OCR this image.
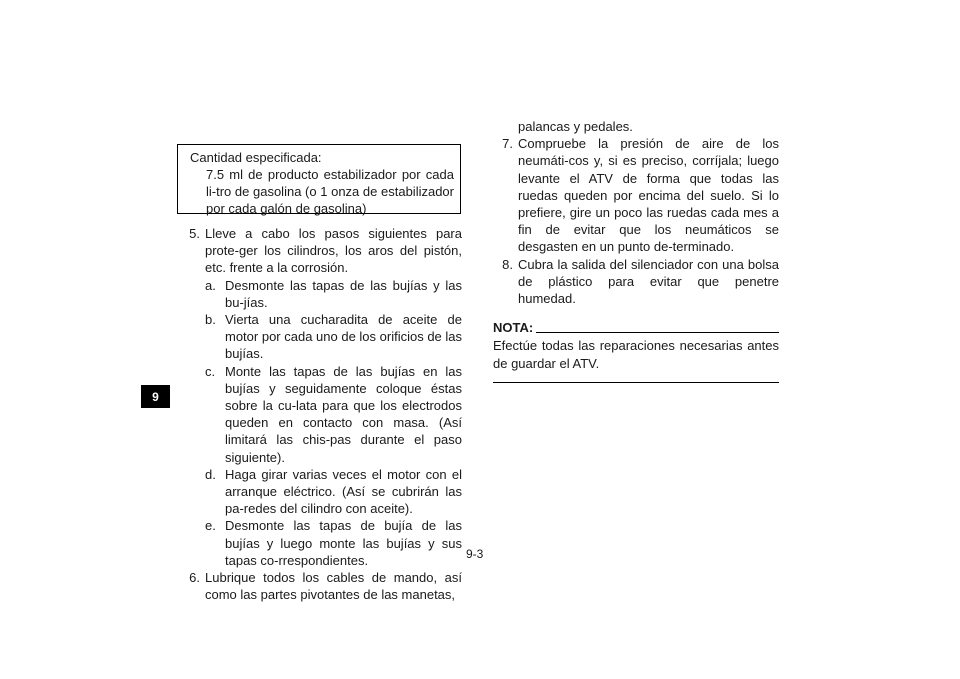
9
Cantidad especificada:
7.5 ml de producto estabilizador por cada li-tro de gasolina (o 1 onza de estabilizador por cada galón de gasolina)
5. Lleve a cabo los pasos siguientes para prote-ger los cilindros, los aros del pistón, etc. frente a la corrosión.
a. Desmonte las tapas de las bujías y las bu-jías.
b. Vierta una cucharadita de aceite de motor por cada uno de los orificios de las bujías.
c. Monte las tapas de las bujías en las bujías y seguidamente coloque éstas sobre la cu-lata para que los electrodos queden en contacto con masa. (Así limitará las chis-pas durante el paso siguiente).
d. Haga girar varias veces el motor con el arranque eléctrico. (Así se cubrirán las pa-redes del cilindro con aceite).
e. Desmonte las tapas de bujía de las bujías y luego monte las bujías y sus tapas co-rrespondientes.
6. Lubrique todos los cables de mando, así como las partes pivotantes de las manetas,
palancas y pedales.
7. Compruebe la presión de aire de los neumáti-cos y, si es preciso, corríjala; luego levante el ATV de forma que todas las ruedas queden por encima del suelo. Si lo prefiere, gire un poco las ruedas cada mes a fin de evitar que los neumáticos se desgasten en un punto de-terminado.
8. Cubra la salida del silenciador con una bolsa de plástico para evitar que penetre humedad.
NOTA:
Efectúe todas las reparaciones necesarias antes de guardar el ATV.
9-3
